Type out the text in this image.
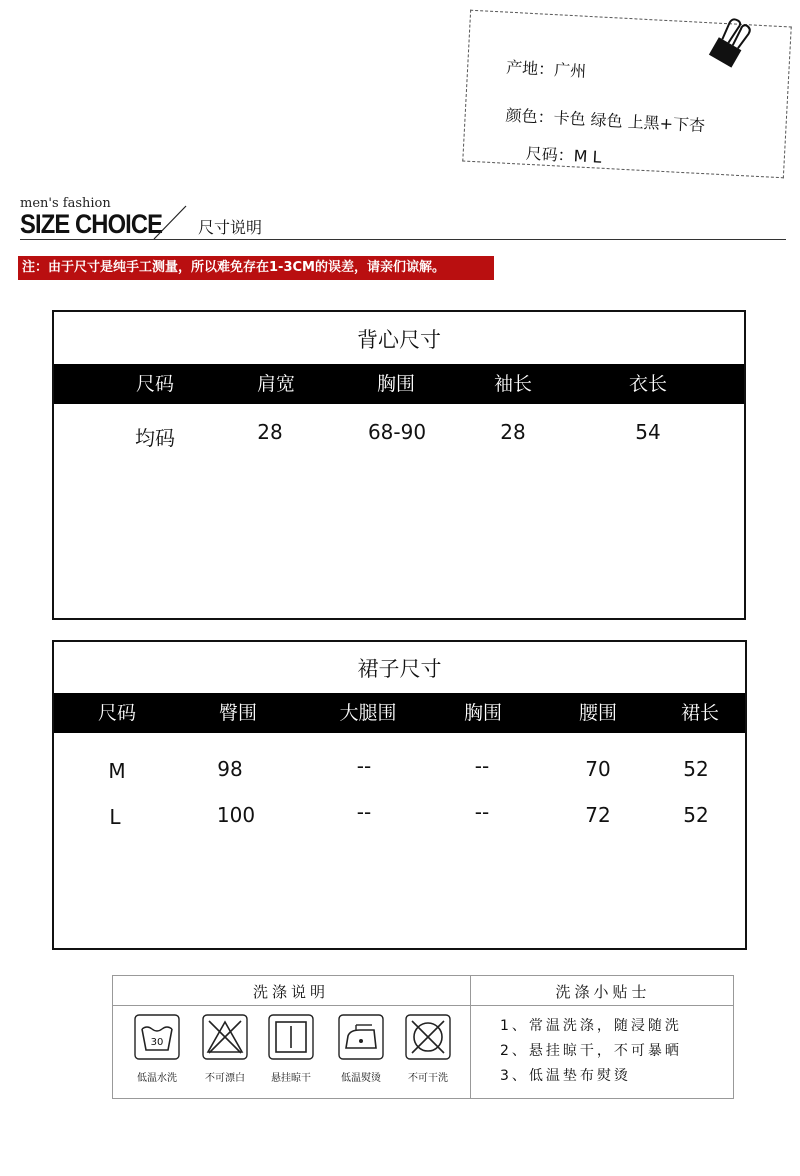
产地：广州
颜色：卡色 绿色 上黑+下杏
尺码：M L
men's fashion
SIZE CHOICE 尺寸说明
注：由于尺寸是纯手工测量，所以难免存在1-3CM的误差，请亲们谅解。
背心尺寸
尺码	肩宽	胸围	袖长	衣长
均码	28	68-90	28	54
裙子尺寸
尺码	臀围	大腿围	胸围	腰围	裙长
M	98	--	--	70	52
L	100	--	--	72	52
洗涤说明	洗涤小贴士
30
低温水洗	不可漂白	悬挂晾干	低温熨烫	不可干洗
1、常温洗涤，随浸随洗
2、悬挂晾干，不可暴晒
3、低温垫布熨烫
